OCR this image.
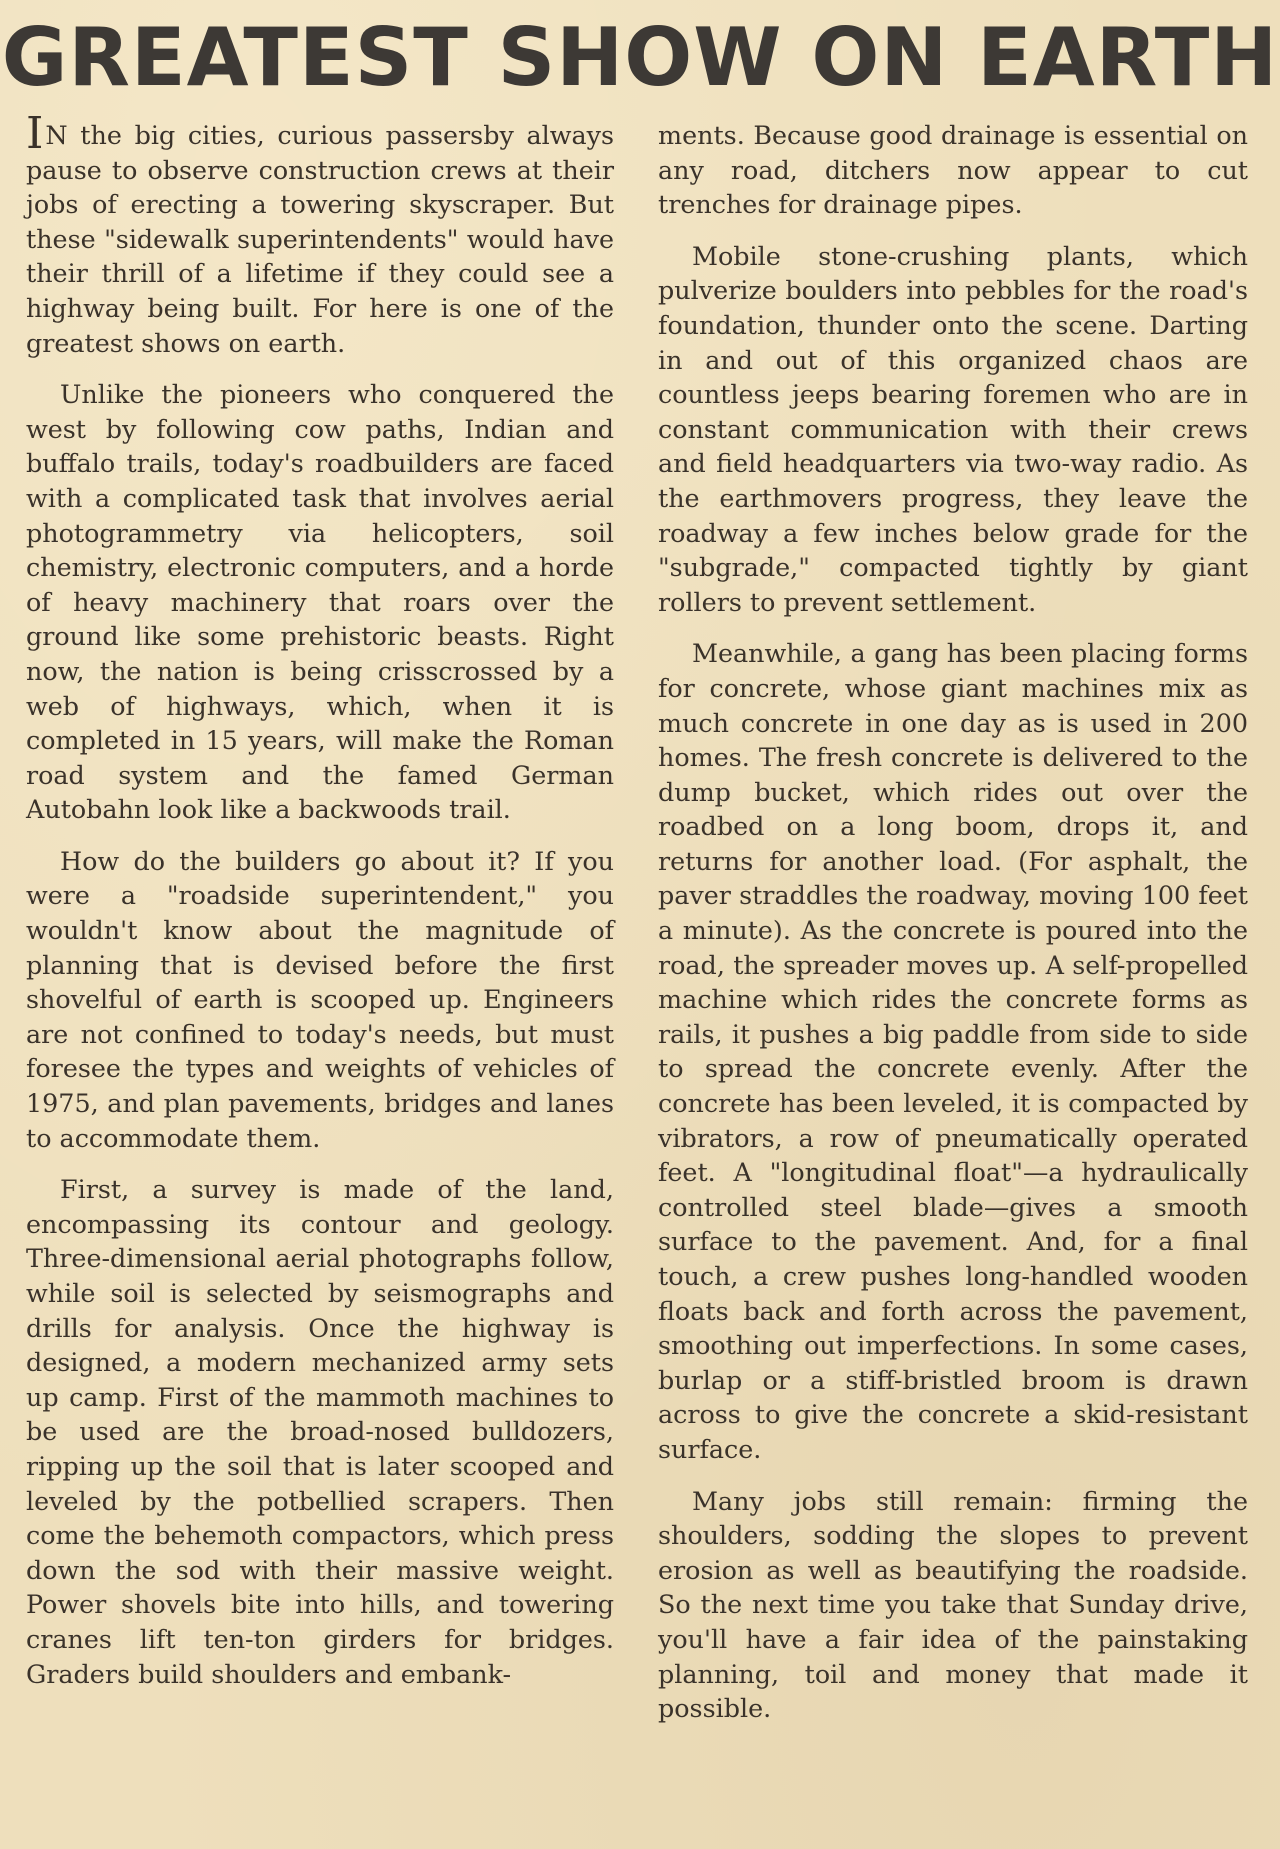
GREATEST SHOW ON EARTH

IN the big cities, curious passersby always pause to observe construction crews at their jobs of erecting a towering skyscraper. But these "sidewalk superintendents" would have their thrill of a lifetime if they could see a highway being built. For here is one of the greatest shows on earth.

Unlike the pioneers who conquered the west by following cow paths, Indian and buffalo trails, today's roadbuilders are faced with a complicated task that involves aerial photogrammetry via helicopters, soil chemistry, electronic computers, and a horde of heavy machinery that roars over the ground like some prehistoric beasts. Right now, the nation is being crisscrossed by a web of highways, which, when it is completed in 15 years, will make the Roman road system and the famed German Autobahn look like a backwoods trail.

How do the builders go about it? If you were a "roadside superintendent," you wouldn't know about the magnitude of planning that is devised before the first shovelful of earth is scooped up. Engineers are not confined to today's needs, but must foresee the types and weights of vehicles of 1975, and plan pavements, bridges and lanes to accommodate them.

First, a survey is made of the land, encompassing its contour and geology. Three-dimensional aerial photographs follow, while soil is selected by seismographs and drills for analysis. Once the highway is designed, a modern mechanized army sets up camp. First of the mammoth machines to be used are the broad-nosed bulldozers, ripping up the soil that is later scooped and leveled by the potbellied scrapers. Then come the behemoth compactors, which press down the sod with their massive weight. Power shovels bite into hills, and towering cranes lift ten-ton girders for bridges. Graders build shoulders and embank-

ments. Because good drainage is essential on any road, ditchers now appear to cut trenches for drainage pipes.

Mobile stone-crushing plants, which pulverize boulders into pebbles for the road's foundation, thunder onto the scene. Darting in and out of this organized chaos are countless jeeps bearing foremen who are in constant communication with their crews and field headquarters via two-way radio. As the earthmovers progress, they leave the roadway a few inches below grade for the "subgrade," compacted tightly by giant rollers to prevent settlement.

Meanwhile, a gang has been placing forms for concrete, whose giant machines mix as much concrete in one day as is used in 200 homes. The fresh concrete is delivered to the dump bucket, which rides out over the roadbed on a long boom, drops it, and returns for another load. (For asphalt, the paver straddles the roadway, moving 100 feet a minute). As the concrete is poured into the road, the spreader moves up. A self-propelled machine which rides the concrete forms as rails, it pushes a big paddle from side to side to spread the concrete evenly. After the concrete has been leveled, it is compacted by vibrators, a row of pneumatically operated feet. A "longitudinal float"—a hydraulically controlled steel blade—gives a smooth surface to the pavement. And, for a final touch, a crew pushes long-handled wooden floats back and forth across the pavement, smoothing out imperfections. In some cases, burlap or a stiff-bristled broom is drawn across to give the concrete a skid-resistant surface.

Many jobs still remain: firming the shoulders, sodding the slopes to prevent erosion as well as beautifying the roadside. So the next time you take that Sunday drive, you'll have a fair idea of the painstaking planning, toil and money that made it possible.
